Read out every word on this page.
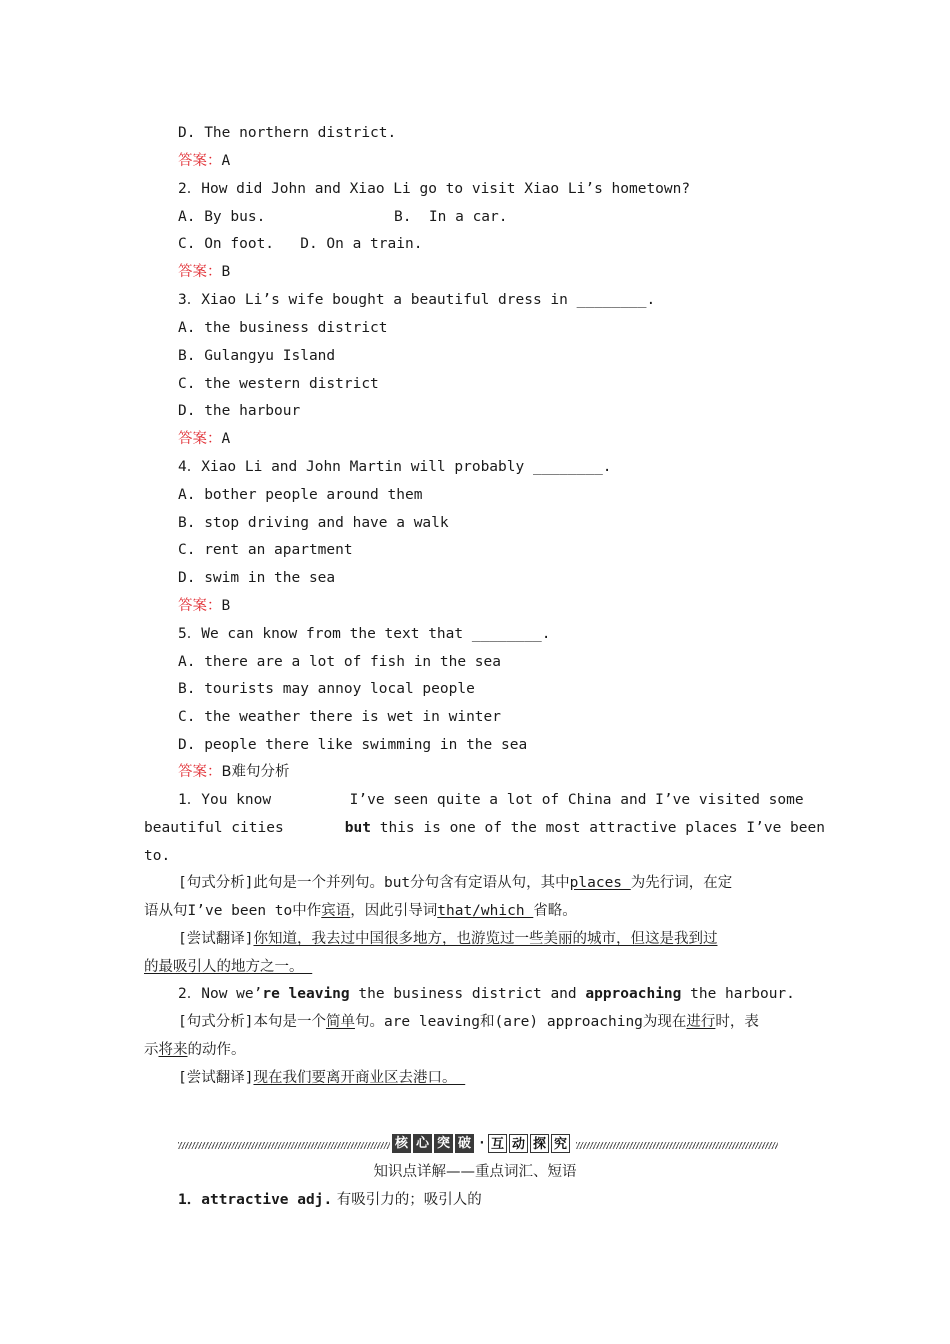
D. The northern district.
答案：A
2．How did John and Xiao Li go to visit Xiao Li’s hometown?
A. By bus.	B.  In a car.
C. On foot.   D. On a train.
答案：B
3．Xiao Li’s wife bought a beautiful dress in ________.
A. the business district
B. Gulangyu Island
C. the western district
D. the harbour
答案：A
4．Xiao Li and John Martin will probably ________.
A. bother people around them
B. stop driving and have a walk
C. rent an apartment
D. swim in the sea
答案：B
5．We can know from the text that ________.
A. there are a lot of fish in the sea
B. tourists may annoy local people
C. the weather there is wet in winter
D. people there like swimming in the sea
答案：B难句分析
1．You know         I’ve seen quite a lot of China and I’ve visited some
beautiful cities       but this is one of the most attractive places I’ve been
to.
[句式分析]此句是一个并列句。but分句含有定语从句，其中places 为先行词，在定
语从句I’ve been to中作宾语，因此引导词that/which 省略。
[尝试翻译]你知道，我去过中国很多地方，也游览过一些美丽的城市，但这是我到过
的最吸引人的地方之一。
2．Now we’re leaving the business district and approaching the harbour.
[句式分析]本句是一个简单句。are leaving和(are) approaching为现在进行时，表
示将来的动作。
[尝试翻译]现在我们要离开商业区去港口。
核 心 突 破 · 互 动 探 究
知识点详解——重点词汇、短语
1．attractive adj. 有吸引力的；吸引人的
